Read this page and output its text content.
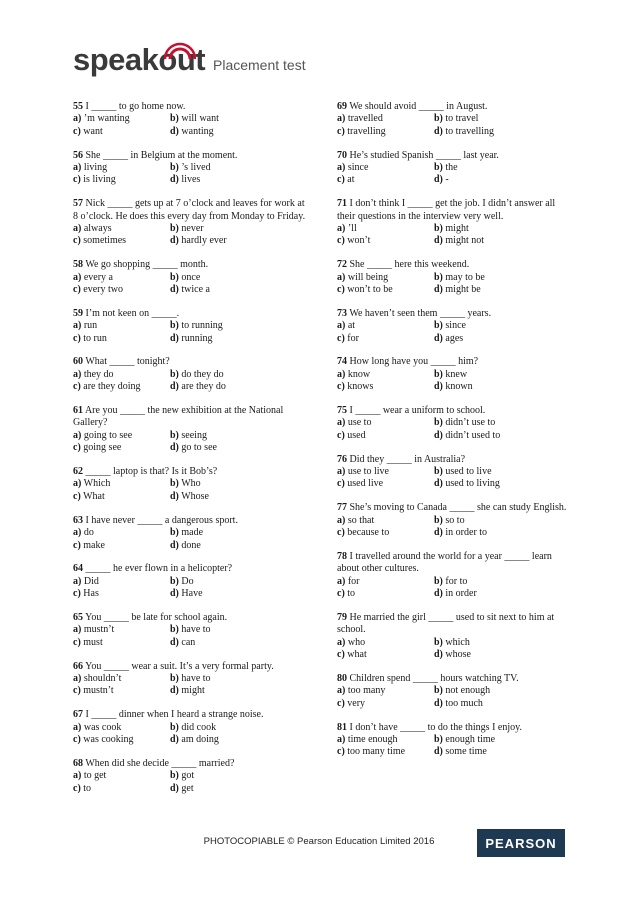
speakout Placement test

55 I _____ to go home now.

a) ’m wanting	b) will want
c) want	d) wanting

56 She _____ in Belgium at the moment.

a) living	b) ’s lived
c) is living	d) lives

57 Nick _____ gets up at 7 o’clock and leaves for work at 8 o’clock. He does this every day from Monday to Friday.

a) always	b) never
c) sometimes	d) hardly ever

58 We go shopping _____ month.

a) every a	b) once
c) every two	d) twice a

59 I’m not keen on _____.

a) run	b) to running
c) to run	d) running

60 What _____ tonight?

a) they do	b) do they do
c) are they doing	d) are they do

61 Are you _____ the new exhibition at the National Gallery?

a) going to see	b) seeing
c) going see	d) go to see

62 _____ laptop is that? Is it Bob’s?

a) Which	b) Who
c) What	d) Whose

63 I have never _____ a dangerous sport.

a) do	b) made
c) make	d) done

64 _____ he ever flown in a helicopter?

a) Did	b) Do
c) Has	d) Have

65 You _____ be late for school again.

a) mustn’t	b) have to
c) must	d) can

66 You _____ wear a suit. It’s a very formal party.

a) shouldn’t	b) have to
c) mustn’t	d) might

67 I _____ dinner when I heard a strange noise.

a) was cook	b) did cook
c) was cooking	d) am doing

68 When did she decide _____ married?

a) to get	b) got
c) to	d) get

69 We should avoid _____ in August.

a) travelled	b) to travel
c) travelling	d) to travelling

70 He’s studied Spanish _____ last year.

a) since	b) the
c) at	d) -

71 I don’t think I _____ get the job. I didn’t answer all their questions in the interview very well.

a) ’ll	b) might
c) won’t	d) might not

72 She _____ here this weekend.

a) will being	b) may to be
c) won’t to be	d) might be

73 We haven’t seen them _____ years.

a) at	b) since
c) for	d) ages

74 How long have you _____ him?

a) know	b) knew
c) knows	d) known

75 I _____ wear a uniform to school.

a) use to	b) didn’t use to
c) used	d) didn’t used to

76 Did they _____ in Australia?

a) use to live	b) used to live
c) used live	d) used to living

77 She’s moving to Canada _____ she can study English.

a) so that	b) so to
c) because to	d) in order to

78 I travelled around the world for a year _____ learn about other cultures.

a) for	b) for to
c) to	d) in order

79 He married the girl _____ used to sit next to him at school.

a) who	b) which
c) what	d) whose

80 Children spend _____ hours watching TV.

a) too many	b) not enough
c) very	d) too much

81 I don’t have _____ to do the things I enjoy.

a) time enough	b) enough time
c) too many time	d) some time
PHOTOCOPIABLE © Pearson Education Limited 2016	PEARSON
